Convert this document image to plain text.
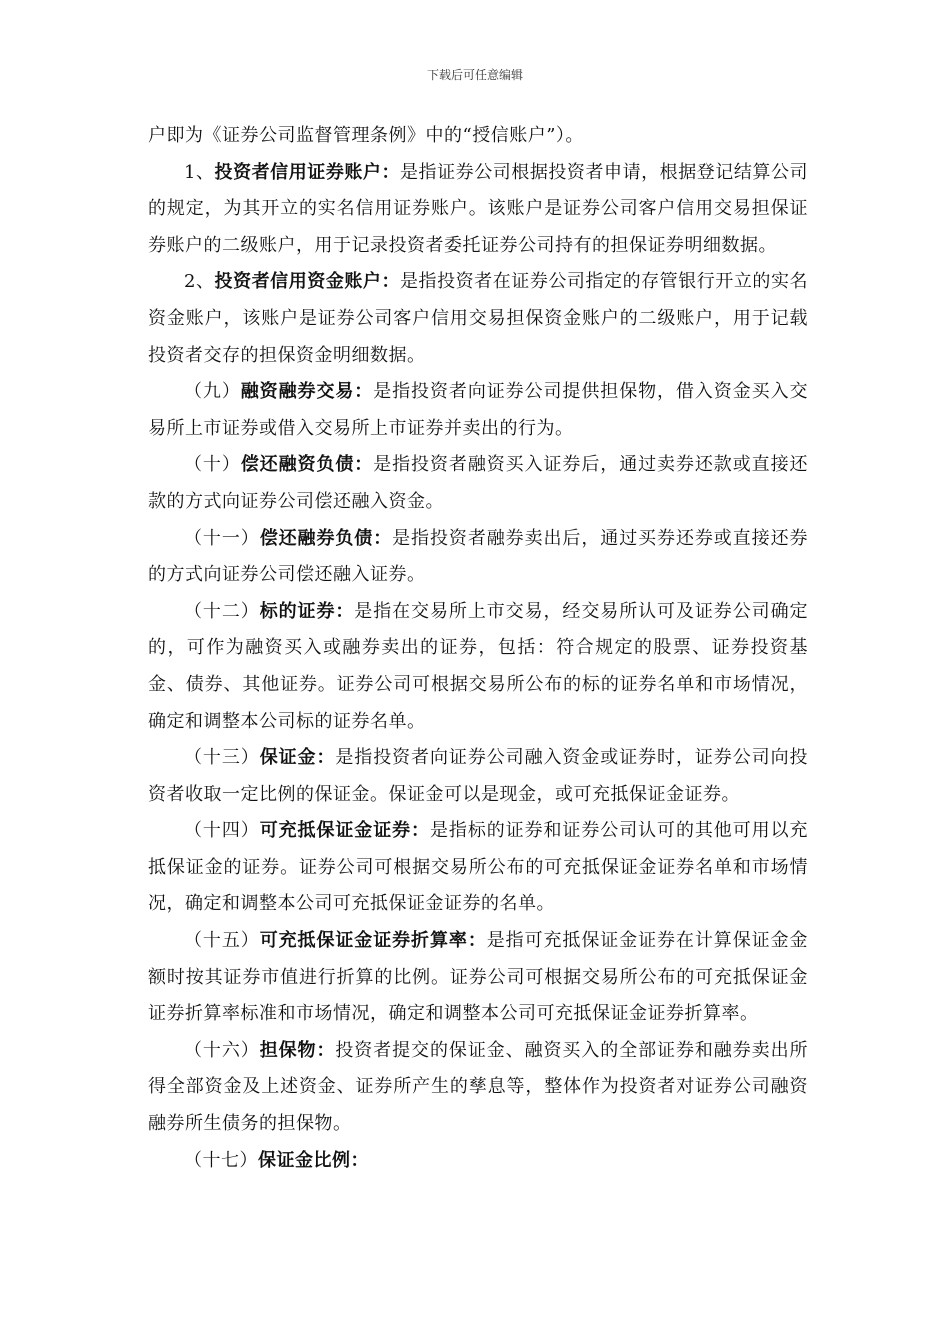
下载后可任意编辑

户即为《证券公司监督管理条例》中的“授信账户”）。

1、投资者信用证券账户：是指证券公司根据投资者申请，根据登记结算公司的规定，为其开立的实名信用证券账户。该账户是证券公司客户信用交易担保证券账户的二级账户，用于记录投资者委托证券公司持有的担保证券明细数据。

2、投资者信用资金账户：是指投资者在证券公司指定的存管银行开立的实名资金账户，该账户是证券公司客户信用交易担保资金账户的二级账户，用于记载投资者交存的担保资金明细数据。

（九）融资融券交易：是指投资者向证券公司提供担保物，借入资金买入交易所上市证券或借入交易所上市证券并卖出的行为。

（十）偿还融资负债：是指投资者融资买入证券后，通过卖券还款或直接还款的方式向证券公司偿还融入资金。

（十一）偿还融券负债：是指投资者融券卖出后，通过买券还券或直接还券的方式向证券公司偿还融入证券。

（十二）标的证券：是指在交易所上市交易，经交易所认可及证券公司确定的，可作为融资买入或融券卖出的证券，包括：符合规定的股票、证券投资基金、债券、其他证券。证券公司可根据交易所公布的标的证券名单和市场情况，确定和调整本公司标的证券名单。

（十三）保证金：是指投资者向证券公司融入资金或证券时，证券公司向投资者收取一定比例的保证金。保证金可以是现金，或可充抵保证金证券。

（十四）可充抵保证金证券：是指标的证券和证券公司认可的其他可用以充抵保证金的证券。证券公司可根据交易所公布的可充抵保证金证券名单和市场情况，确定和调整本公司可充抵保证金证券的名单。

（十五）可充抵保证金证券折算率：是指可充抵保证金证券在计算保证金金额时按其证券市值进行折算的比例。证券公司可根据交易所公布的可充抵保证金证券折算率标准和市场情况，确定和调整本公司可充抵保证金证券折算率。

（十六）担保物：投资者提交的保证金、融资买入的全部证券和融券卖出所得全部资金及上述资金、证券所产生的孳息等，整体作为投资者对证券公司融资融券所生债务的担保物。

（十七）保证金比例：
